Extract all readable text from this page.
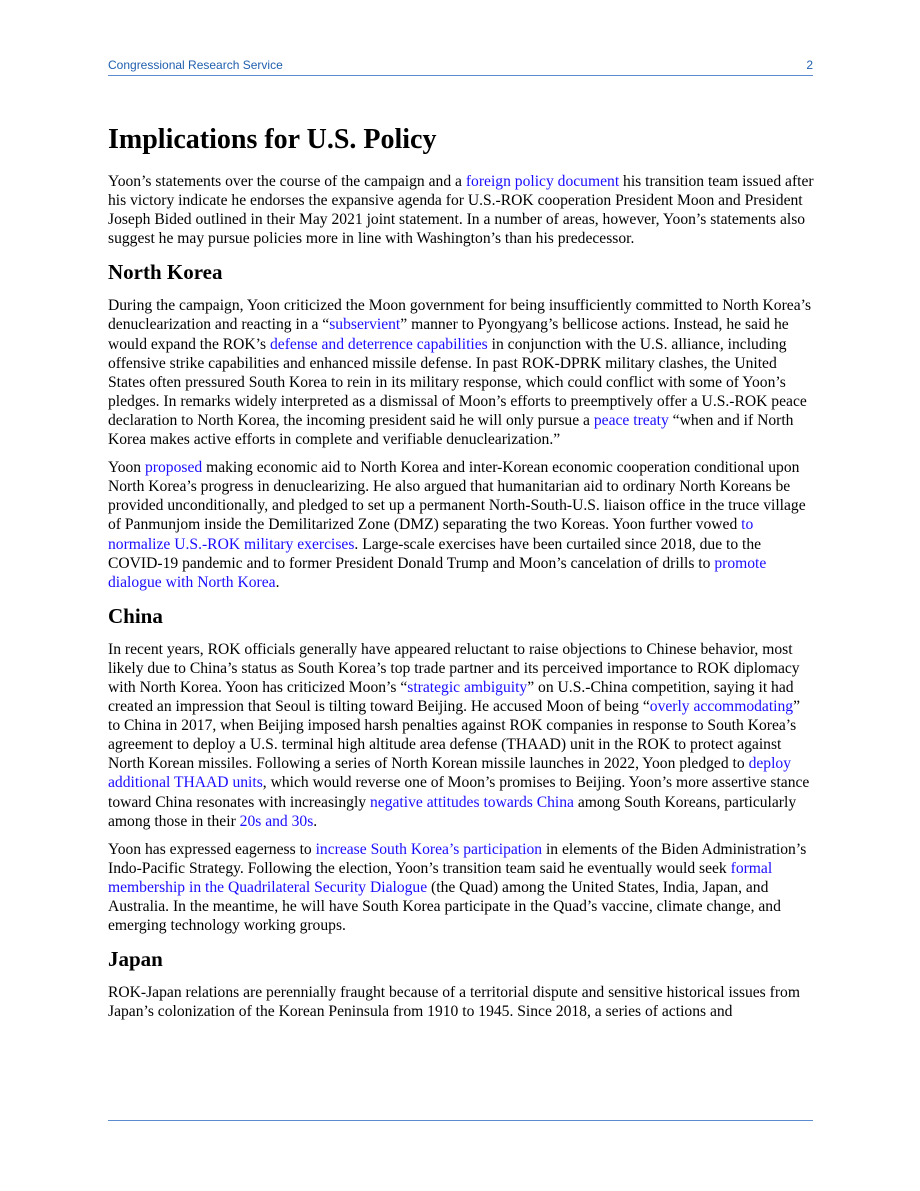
Congressional Research Service	2
Implications for U.S. Policy

Yoon’s statements over the course of the campaign and a foreign policy document his transition team issued after his victory indicate he endorses the expansive agenda for U.S.-ROK cooperation President Moon and President Joseph Bided outlined in their May 2021 joint statement. In a number of areas, however, Yoon’s statements also suggest he may pursue policies more in line with Washington’s than his predecessor.

North Korea

During the campaign, Yoon criticized the Moon government for being insufficiently committed to North Korea’s denuclearization and reacting in a “subservient” manner to Pyongyang’s bellicose actions. Instead, he said he would expand the ROK’s defense and deterrence capabilities in conjunction with the U.S. alliance, including offensive strike capabilities and enhanced missile defense. In past ROK-DPRK military clashes, the United States often pressured South Korea to rein in its military response, which could conflict with some of Yoon’s pledges. In remarks widely interpreted as a dismissal of Moon’s efforts to preemptively offer a U.S.-ROK peace declaration to North Korea, the incoming president said he will only pursue a peace treaty “when and if North Korea makes active efforts in complete and verifiable denuclearization.”

Yoon proposed making economic aid to North Korea and inter-Korean economic cooperation conditional upon North Korea’s progress in denuclearizing. He also argued that humanitarian aid to ordinary North Koreans be provided unconditionally, and pledged to set up a permanent North-South-U.S. liaison office in the truce village of Panmunjom inside the Demilitarized Zone (DMZ) separating the two Koreas. Yoon further vowed to normalize U.S.-ROK military exercises. Large-scale exercises have been curtailed since 2018, due to the COVID-19 pandemic and to former President Donald Trump and Moon’s cancelation of drills to promote dialogue with North Korea.

China

In recent years, ROK officials generally have appeared reluctant to raise objections to Chinese behavior, most likely due to China’s status as South Korea’s top trade partner and its perceived importance to ROK diplomacy with North Korea. Yoon has criticized Moon’s “strategic ambiguity” on U.S.-China competition, saying it had created an impression that Seoul is tilting toward Beijing. He accused Moon of being “overly accommodating” to China in 2017, when Beijing imposed harsh penalties against ROK companies in response to South Korea’s agreement to deploy a U.S. terminal high altitude area defense (THAAD) unit in the ROK to protect against North Korean missiles. Following a series of North Korean missile launches in 2022, Yoon pledged to deploy additional THAAD units, which would reverse one of Moon’s promises to Beijing. Yoon’s more assertive stance toward China resonates with increasingly negative attitudes towards China among South Koreans, particularly among those in their 20s and 30s.

Yoon has expressed eagerness to increase South Korea’s participation in elements of the Biden Administration’s Indo-Pacific Strategy. Following the election, Yoon’s transition team said he eventually would seek formal membership in the Quadrilateral Security Dialogue (the Quad) among the United States, India, Japan, and Australia. In the meantime, he will have South Korea participate in the Quad’s vaccine, climate change, and emerging technology working groups.

Japan

ROK-Japan relations are perennially fraught because of a territorial dispute and sensitive historical issues from Japan’s colonization of the Korean Peninsula from 1910 to 1945. Since 2018, a series of actions and
